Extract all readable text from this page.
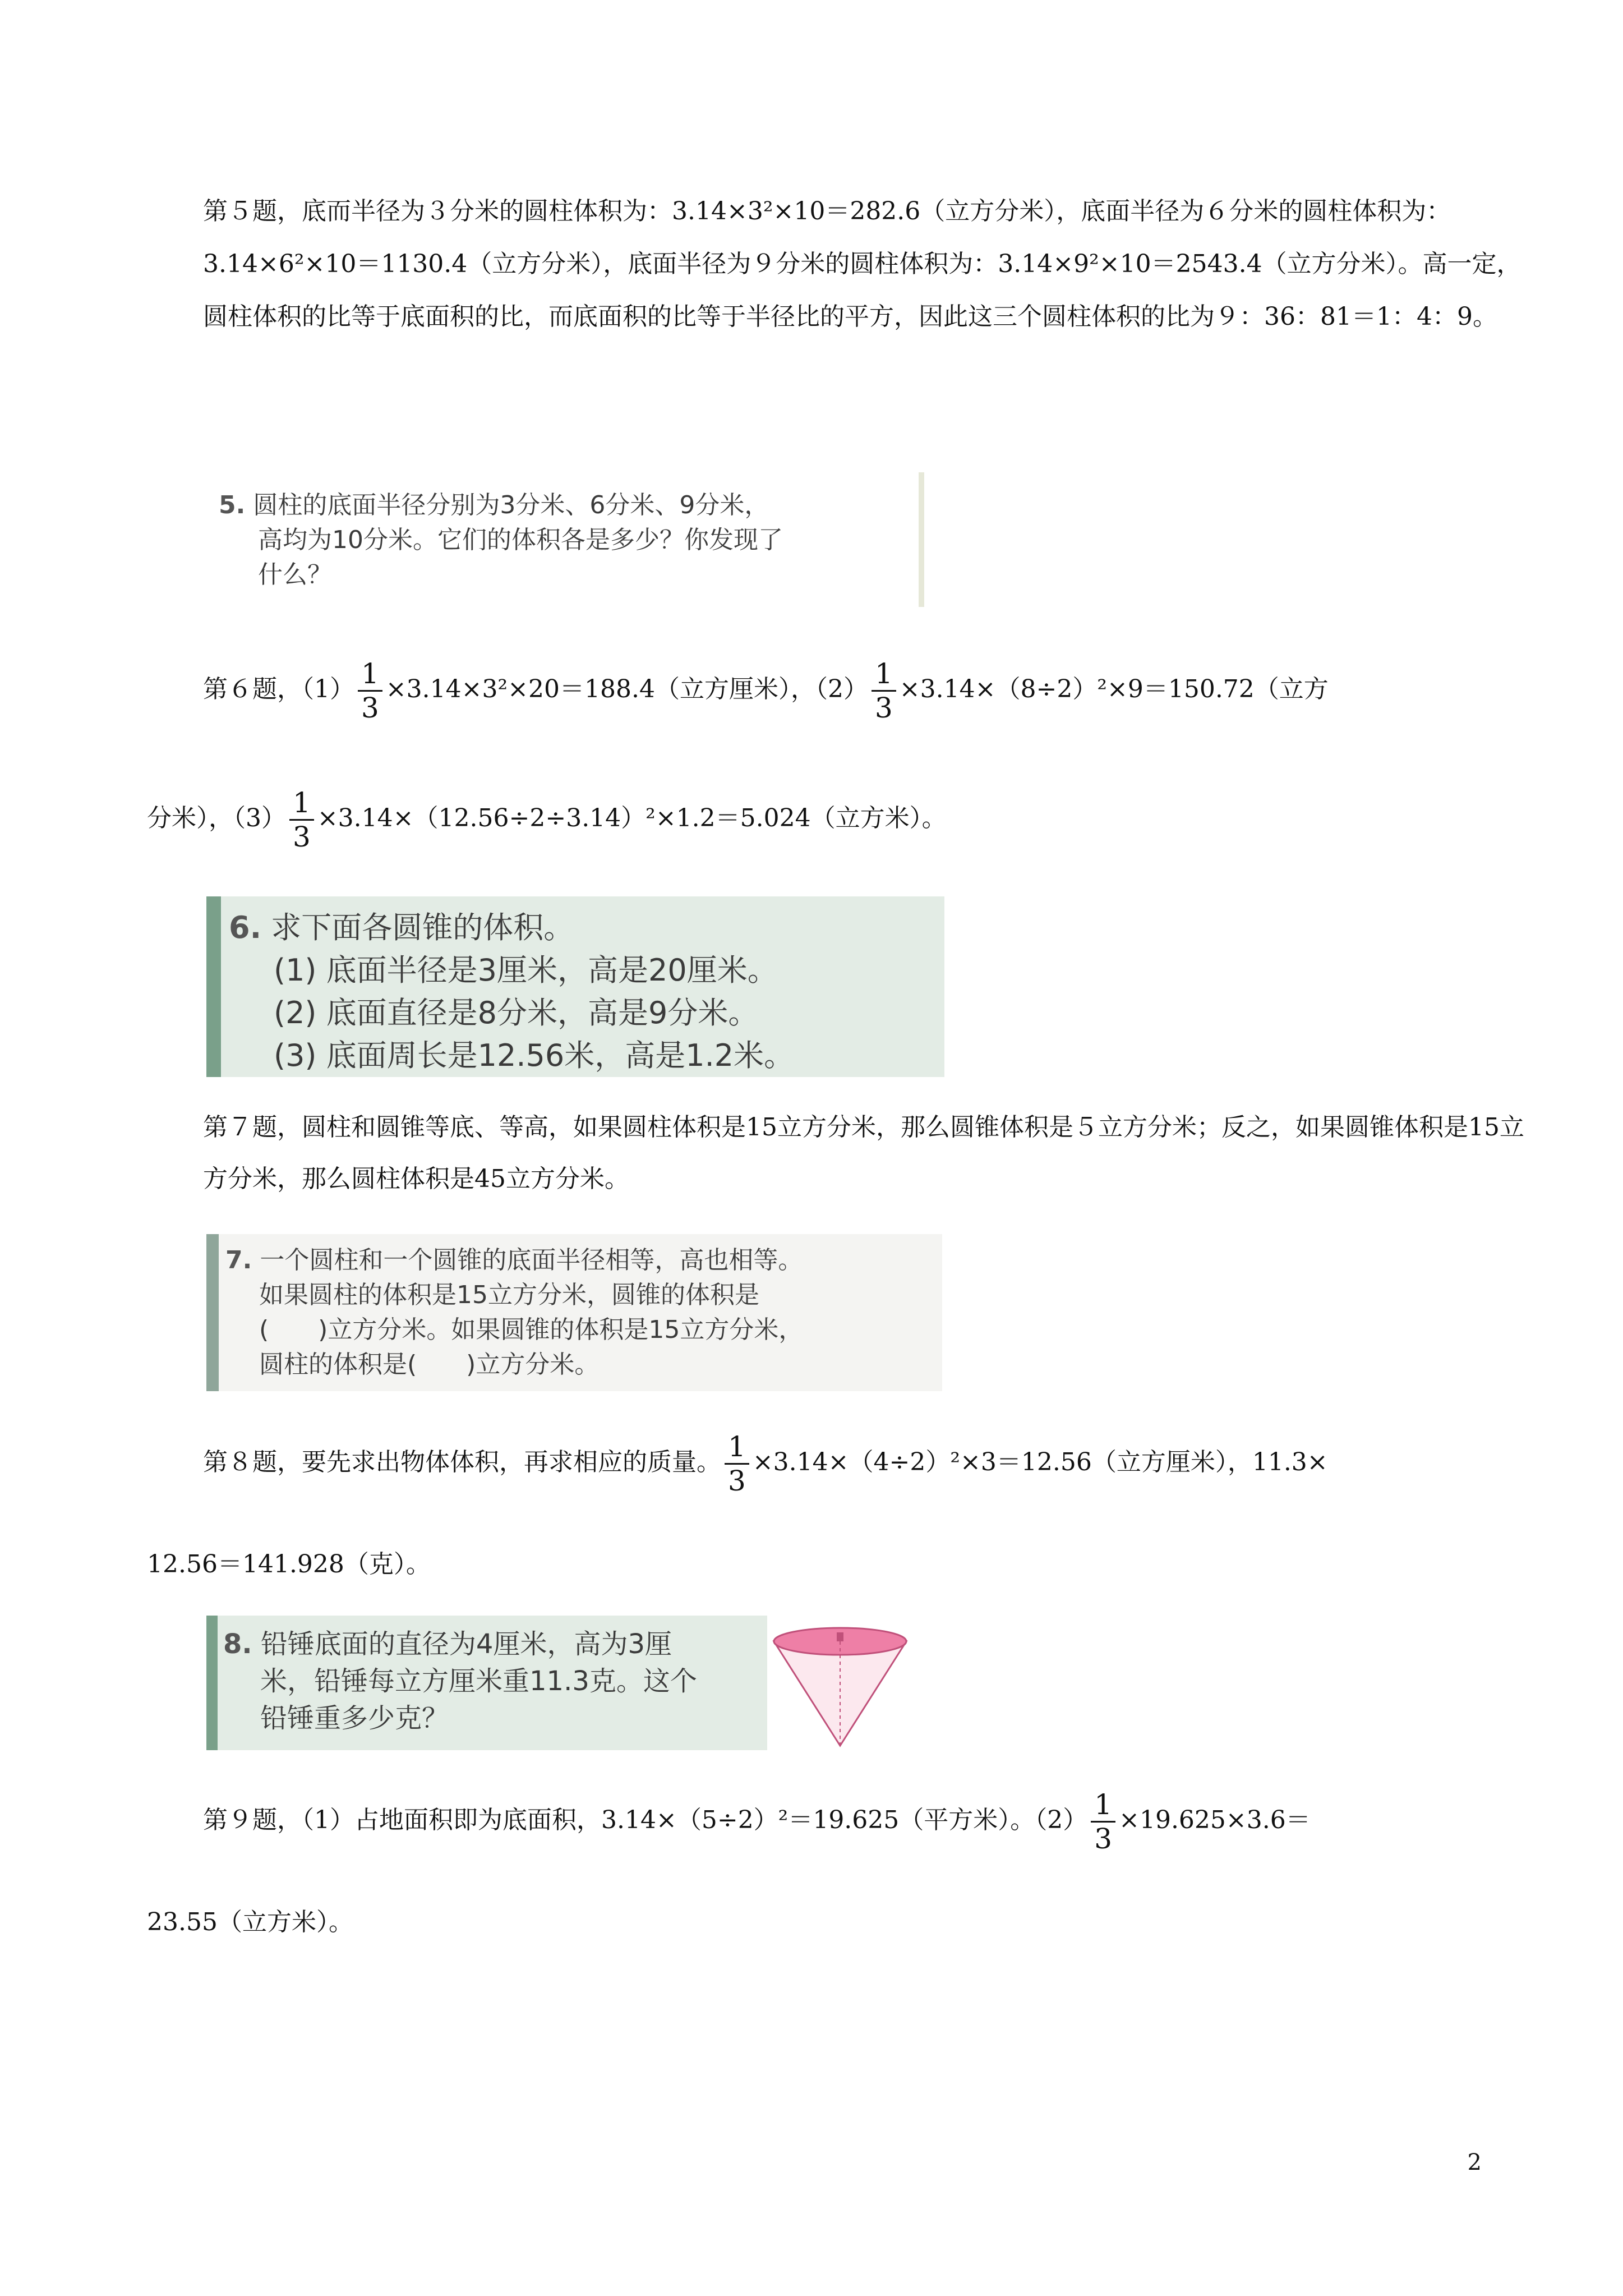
第５题，底而半径为３分米的圆柱体积为：3.14×3²×10＝282.6（立方分米），底面半径为６分米的圆柱体积为：3.14×6²×10＝1130.4（立方分米），底面半径为９分米的圆柱体积为：3.14×9²×10＝2543.4（立方分米）。高一定，圆柱体积的比等于底面积的比，而底面积的比等于半径比的平方，因此这三个圆柱体积的比为９：36：81＝1：4：9。
5. 圆柱的底面半径分别为3分米、6分米、9分米，
高均为10分米。它们的体积各是多少？你发现了
什么？
第６题，$(1) \frac{1}{3} \times 3.14\times 3^2\times 20=188.4$（立方厘米），$(2) \frac{1}{3} \times 3.14\times(8\div 2)^2\times 9=150.72$（立方
分米），$(3) \frac{1}{3} \times 3.14\times(12.56\div 2\div 3.14)^2\times 1.2=5.024$（立方米）。
6. 求下面各圆锥的体积。
(1) 底面半径是3厘米，高是20厘米。
(2) 底面直径是8分米，高是9分米。
(3) 底面周长是12.56米，高是1.2米。
第７题，圆柱和圆锥等底、等高，如果圆柱体积是15立方分米，那么圆锥体积是５立方分米；反之，如果圆锥体积是15立方分米，那么圆柱体积是45立方分米。
7. 一个圆柱和一个圆锥的底面半径相等，高也相等。
如果圆柱的体积是15立方分米，圆锥的体积是
(　　)立方分米。如果圆锥的体积是15立方分米，
圆柱的体积是(　　)立方分米。
第８题，要先求出物体体积，再求相应的质量。 $\frac{1}{3} \times 3.14\times(4\div 2)^2\times 3=12.56$（立方厘米），11.3×
12.56＝141.928（克）。
8. 铅锤底面的直径为4厘米，高为3厘
米，铅锤每立方厘米重11.3克。这个
铅锤重多少克？
第９题，（1）占地面积即为底面积，3.14×（5÷2）²＝19.625（平方米）。$(2) \frac{1}{3} \times 19.625\times 3.6=$
23.55（立方米）。
2
